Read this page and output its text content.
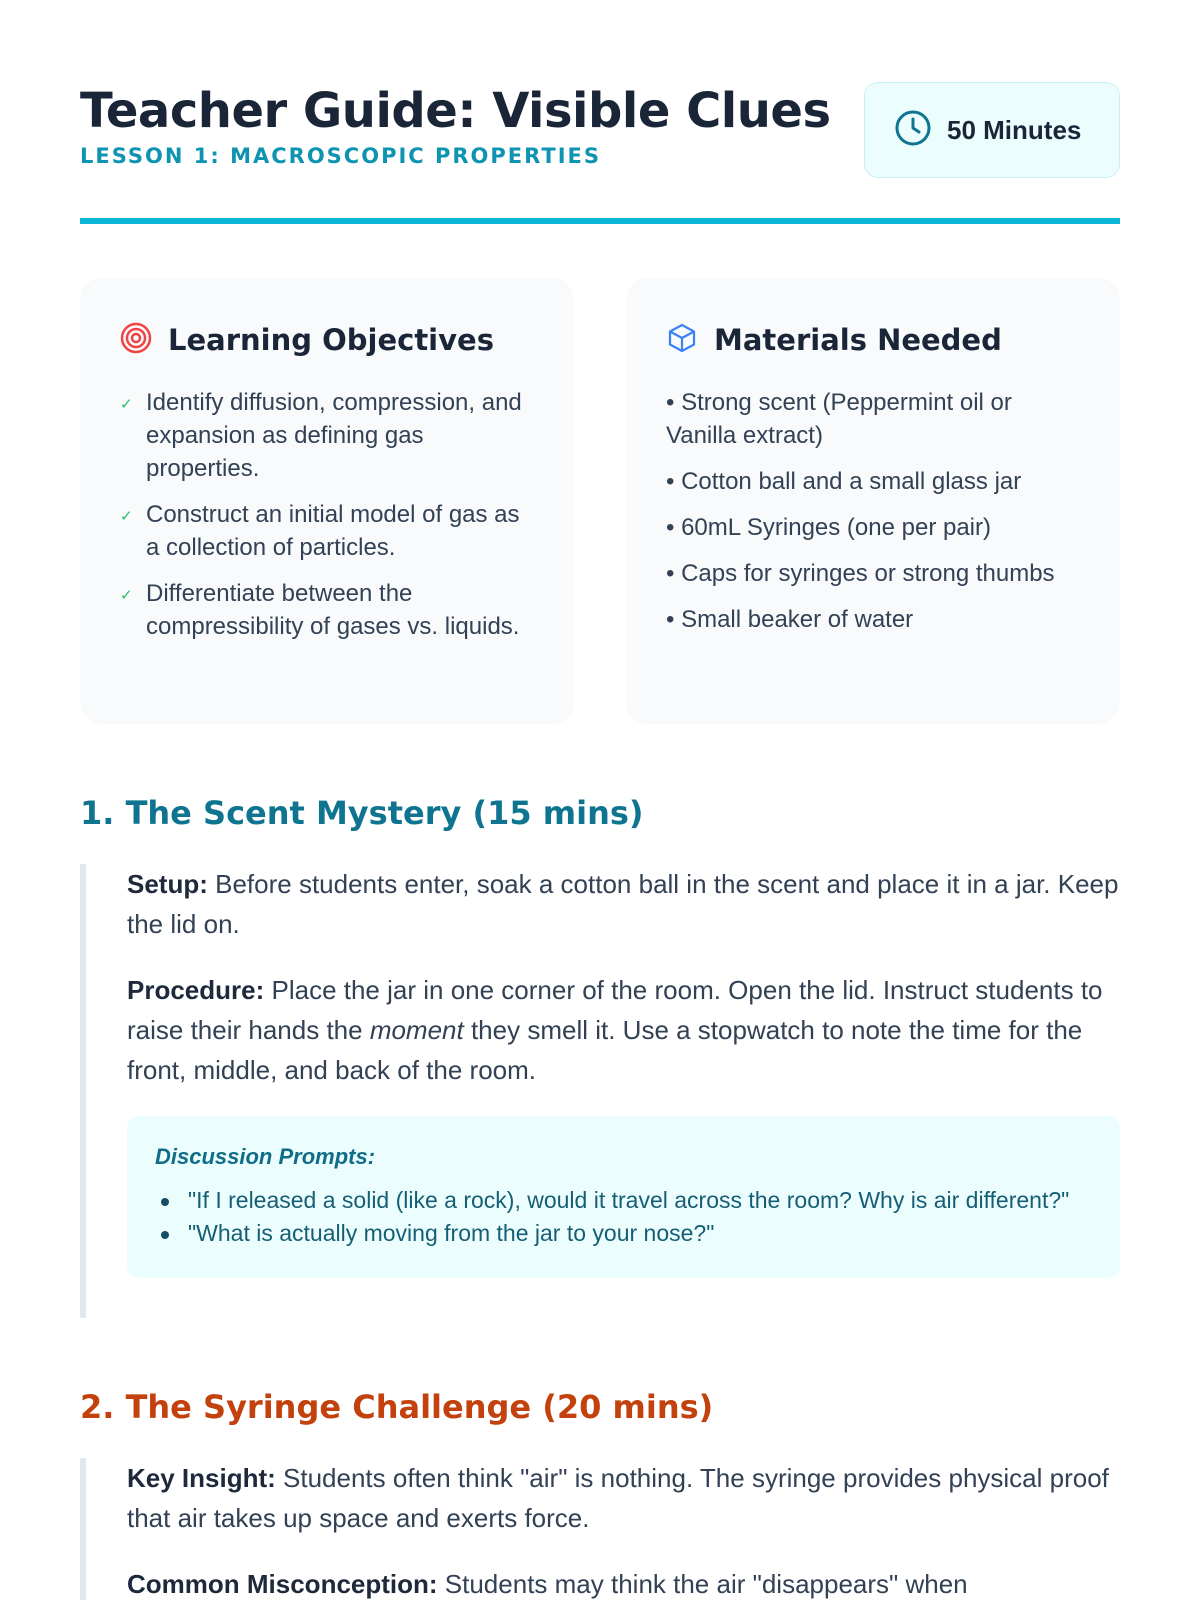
Teacher Guide: Visible Clues
LESSON 1: MACROSCOPIC PROPERTIES
50 Minutes
Learning Objectives
✓ Identify diffusion, compression, and expansion as defining gas properties.
✓ Construct an initial model of gas as a collection of particles.
✓ Differentiate between the compressibility of gases vs. liquids.
Materials Needed
• Strong scent (Peppermint oil or Vanilla extract)
• Cotton ball and a small glass jar
• 60mL Syringes (one per pair)
• Caps for syringes or strong thumbs
• Small beaker of water
1. The Scent Mystery (15 mins)

Setup: Before students enter, soak a cotton ball in the scent and place it in a jar. Keep the lid on.

Procedure: Place the jar in one corner of the room. Open the lid. Instruct students to raise their hands the moment they smell it. Use a stopwatch to note the time for the front, middle, and back of the room.

Discussion Prompts:
"If I released a solid (like a rock), would it travel across the room? Why is air different?"
"What is actually moving from the jar to your nose?"
2. The Syringe Challenge (20 mins)

Key Insight: Students often think "air" is nothing. The syringe provides physical proof that air takes up space and exerts force.

Common Misconception: Students may think the air "disappears" when
